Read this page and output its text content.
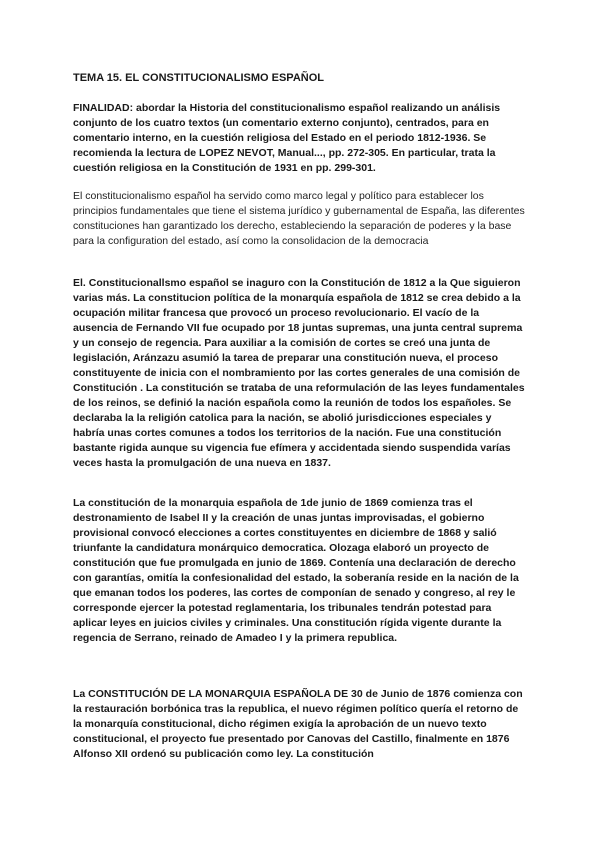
TEMA 15. EL CONSTITUCIONALISMO ESPAÑOL

FINALIDAD: abordar la Historia del constitucionalismo español realizando un análisis conjunto de los cuatro textos (un comentario externo conjunto), centrados, para en comentario interno, en la cuestión religiosa del Estado en el periodo 1812-1936. Se recomienda la lectura de LOPEZ NEVOT, Manual..., pp. 272-305. En particular, trata la cuestión religiosa en la Constitución de 1931 en pp. 299-301.

El constitucionalismo español ha servido como marco legal y político para establecer los principios fundamentales que tiene el sistema jurídico y gubernamental de España, las diferentes constituciones han garantizado los derecho, estableciendo la separación de poderes y la base para la configuration del estado, así como la consolidacion de la democracia

El. Constitucionallsmo español se inaguro con la Constitución de 1812 a la Que siguieron varias más. La constitucion política de la monarquía española de 1812 se crea debido a la ocupación militar francesa que provocó un proceso revolucionario. El vacío de la ausencia de Fernando VII fue ocupado por 18 juntas supremas, una junta central suprema y un consejo de regencia. Para auxiliar a la comisión de cortes se creó una junta de legislación, Aránzazu asumió la tarea de preparar una constitución nueva, el proceso constituyente de inicia con el nombramiento por las cortes generales de una comisión de Constitución . La constitución se trataba de una reformulación de las leyes fundamentales de los reinos, se definió la nación española como la reunión de todos los españoles. Se declaraba la la religión catolica para la nación, se abolió jurisdicciones especiales y habría unas cortes comunes a todos los territorios de la nación. Fue una constitución bastante rigida aunque su vigencia fue efímera y accidentada siendo suspendida varías veces hasta la promulgación de una nueva en 1837.

La constitución de la monarquia española de 1de junio de 1869 comienza tras el destronamiento de Isabel II y la creación de unas juntas improvisadas, el gobierno provisional convocó elecciones a cortes constituyentes en diciembre de 1868 y salió triunfante la candidatura monárquico democratica. Olozaga elaboró un proyecto de constitución que fue promulgada en junio de 1869. Contenía una declaración de derecho con garantías, omitía la confesionalidad del estado, la soberanía reside en la nación de la que emanan todos los poderes, las cortes de componían de senado y congreso, al rey le corresponde ejercer la potestad reglamentaria, los tribunales tendrán potestad para aplicar leyes en juicios civiles y criminales. Una constitución rígida vigente durante la regencia de Serrano, reinado de Amadeo I y la primera republica.

La CONSTITUCIÓN DE LA MONARQUIA ESPAÑOLA DE 30 de Junio de 1876 comienza con la restauración borbónica tras la republica, el nuevo régimen político quería el retorno de la monarquía constitucional, dicho régimen exigía la aprobación de un nuevo texto constitucional, el proyecto fue presentado por Canovas del Castillo, finalmente en 1876 Alfonso XII ordenó su publicación como ley. La constitución
